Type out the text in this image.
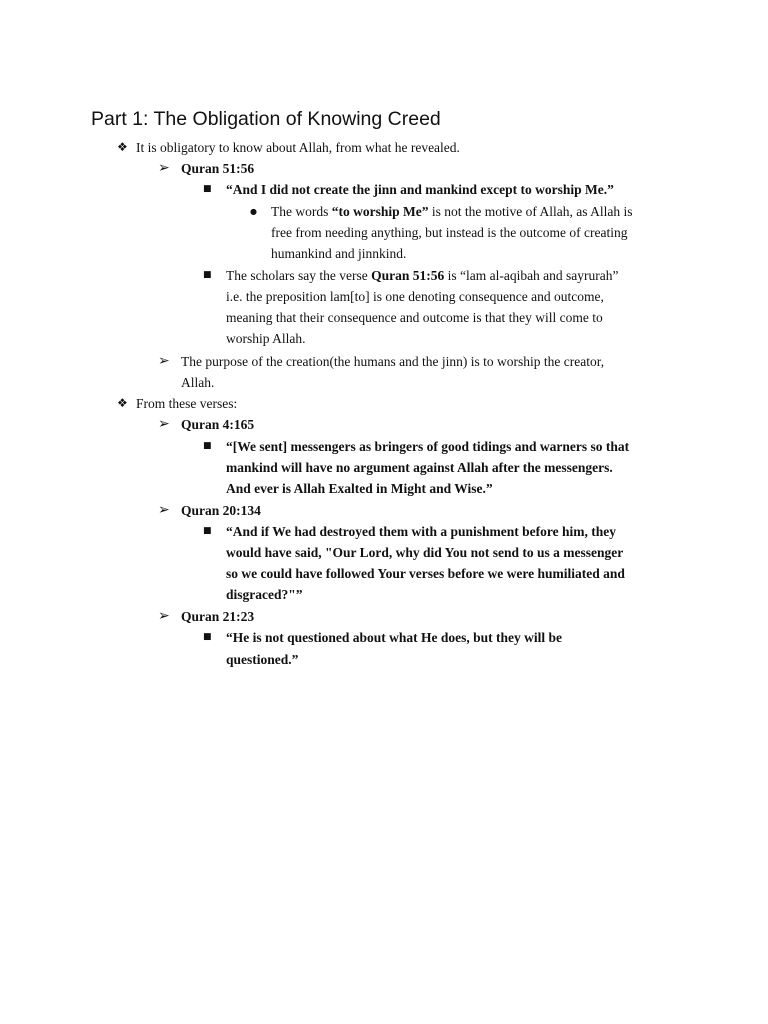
Part 1: The Obligation of Knowing Creed
❖ It is obligatory to know about Allah, from what he revealed.
➢ Quran 51:56
■ “And I did not create the jinn and mankind except to worship Me.”
● The words “to worship Me” is not the motive of Allah, as Allah is
free from needing anything, but instead is the outcome of creating
humankind and jinnkind.
■ The scholars say the verse Quran 51:56 is “lam al-aqibah and sayrurah”
i.e. the preposition lam[to] is one denoting consequence and outcome,
meaning that their consequence and outcome is that they will come to
worship Allah.
➢ The purpose of the creation(the humans and the jinn) is to worship the creator,
Allah.
❖ From these verses:
➢ Quran 4:165
■ “[We sent] messengers as bringers of good tidings and warners so that
mankind will have no argument against Allah after the messengers.
And ever is Allah Exalted in Might and Wise.”
➢ Quran 20:134
■ “And if We had destroyed them with a punishment before him, they
would have said, "Our Lord, why did You not send to us a messenger
so we could have followed Your verses before we were humiliated and
disgraced?"”
➢ Quran 21:23
■ “He is not questioned about what He does, but they will be
questioned.”
